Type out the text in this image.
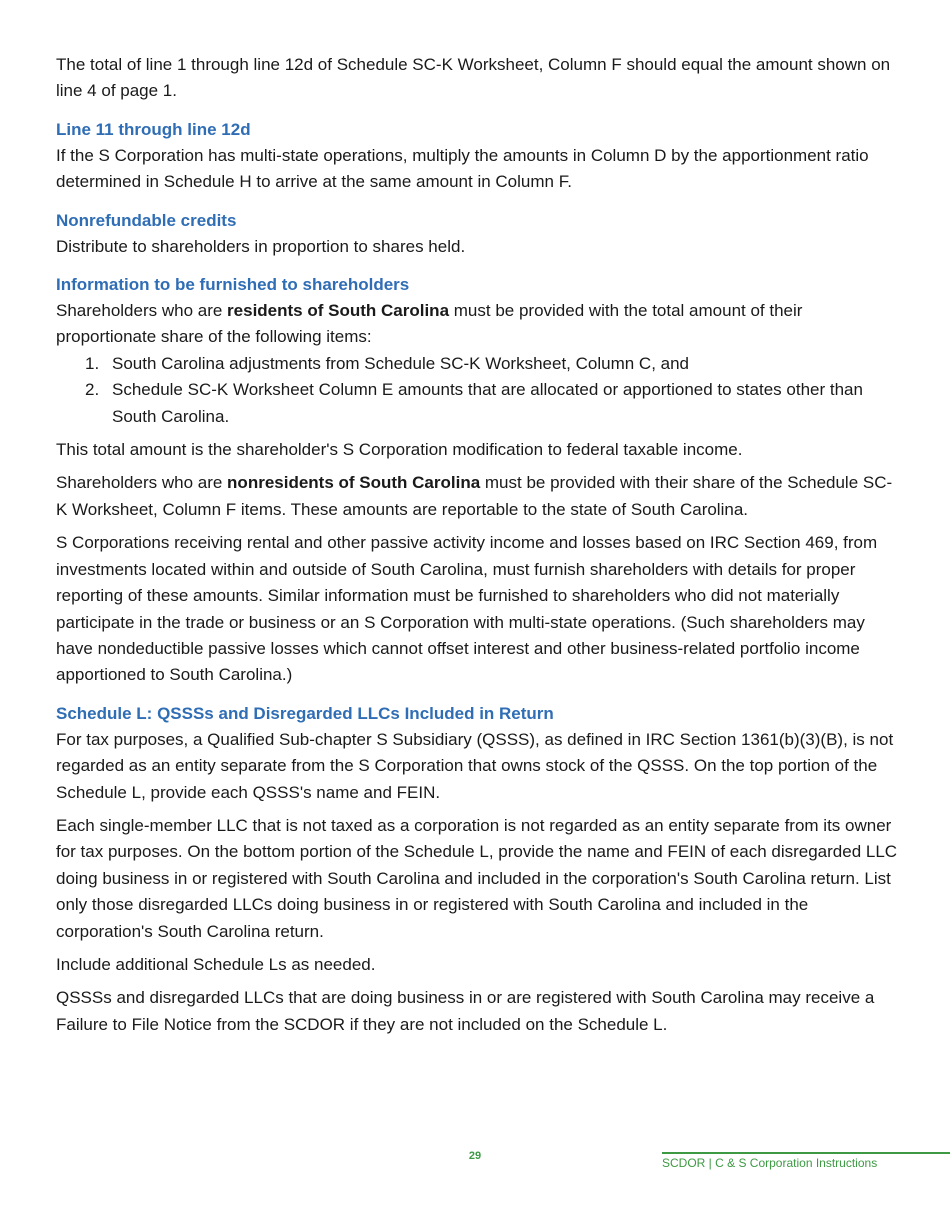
The total of line 1 through line 12d of Schedule SC-K Worksheet, Column F should equal the amount shown on line 4 of page 1.

Line 11 through line 12d

If the S Corporation has multi-state operations, multiply the amounts in Column D by the apportionment ratio determined in Schedule H to arrive at the same amount in Column F.

Nonrefundable credits

Distribute to shareholders in proportion to shares held.

Information to be furnished to shareholders

Shareholders who are residents of South Carolina must be provided with the total amount of their proportionate share of the following items:

1. South Carolina adjustments from Schedule SC-K Worksheet, Column C, and
2. Schedule SC-K Worksheet Column E amounts that are allocated or apportioned to states other than South Carolina.

This total amount is the shareholder's S Corporation modification to federal taxable income.

Shareholders who are nonresidents of South Carolina must be provided with their share of the Schedule SC-K Worksheet, Column F items. These amounts are reportable to the state of South Carolina.

S Corporations receiving rental and other passive activity income and losses based on IRC Section 469, from investments located within and outside of South Carolina, must furnish shareholders with details for proper reporting of these amounts. Similar information must be furnished to shareholders who did not materially participate in the trade or business or an S Corporation with multi-state operations. (Such shareholders may have nondeductible passive losses which cannot offset interest and other business-related portfolio income apportioned to South Carolina.)

Schedule L: QSSSs and Disregarded LLCs Included in Return

For tax purposes, a Qualified Sub-chapter S Subsidiary (QSSS), as defined in IRC Section 1361(b)(3)(B), is not regarded as an entity separate from the S Corporation that owns stock of the QSSS. On the top portion of the Schedule L, provide each QSSS's name and FEIN.

Each single-member LLC that is not taxed as a corporation is not regarded as an entity separate from its owner for tax purposes. On the bottom portion of the Schedule L, provide the name and FEIN of each disregarded LLC doing business in or registered with South Carolina and included in the corporation's South Carolina return. List only those disregarded LLCs doing business in or registered with South Carolina and included in the corporation's South Carolina return.

Include additional Schedule Ls as needed.

QSSSs and disregarded LLCs that are doing business in or are registered with South Carolina may receive a Failure to File Notice from the SCDOR if they are not included on the Schedule L.

29	SCDOR | C & S Corporation Instructions
